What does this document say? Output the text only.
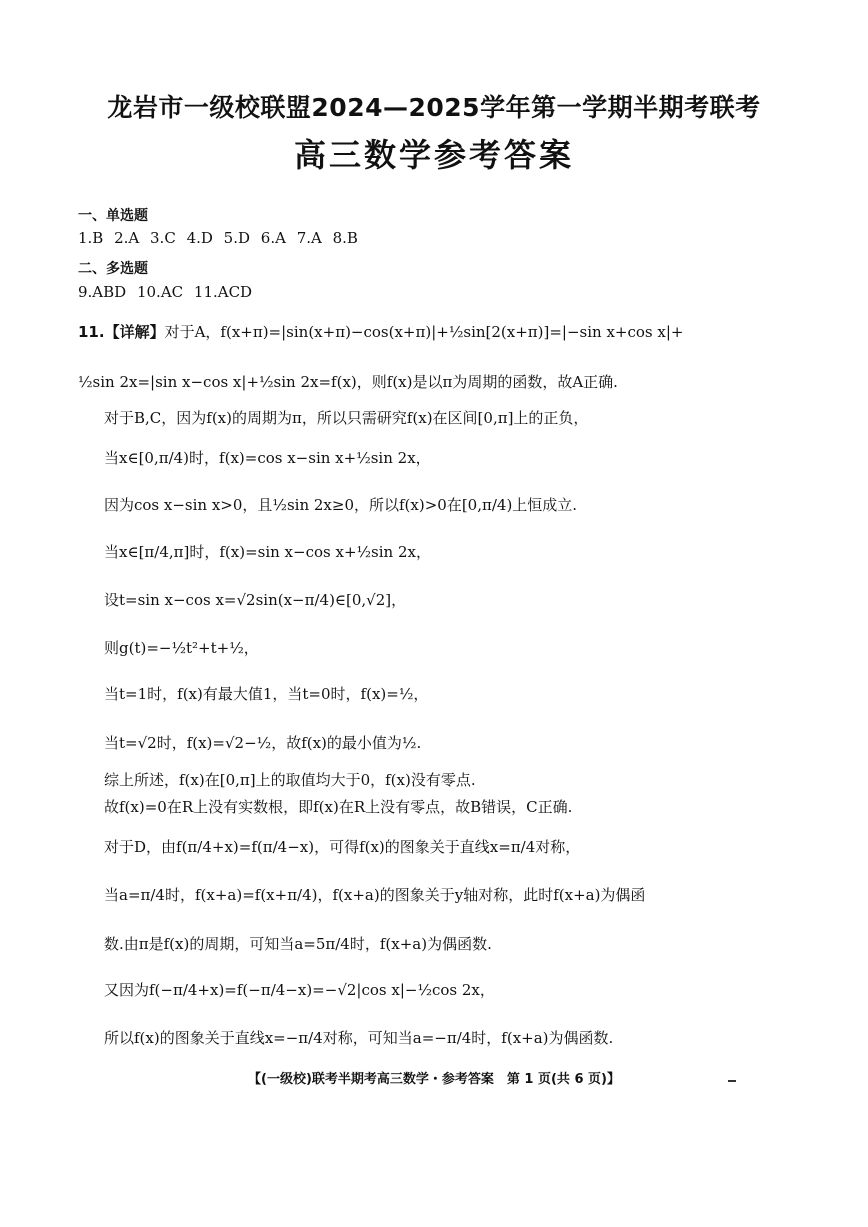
龙岩市一级校联盟2024—2025学年第一学期半期考联考
高三数学参考答案
一、单选题
1.B 2.A 3.C 4.D 5.D 6.A 7.A 8.B
二、多选题
9.ABD 10.AC 11.ACD
11.【详解】对于A，f(x+π)=|sin(x+π)−cos(x+π)|+½sin[2(x+π)]=|−sin x+cos x|+
½sin 2x=|sin x−cos x|+½sin 2x=f(x)，则f(x)是以π为周期的函数，故A正确.
对于B,C，因为f(x)的周期为π，所以只需研究f(x)在区间[0,π]上的正负，
当x∈[0,π/4)时，f(x)=cos x−sin x+½sin 2x，
因为cos x−sin x>0，且½sin 2x≥0，所以f(x)>0在[0,π/4)上恒成立.
当x∈[π/4,π]时，f(x)=sin x−cos x+½sin 2x，
设t=sin x−cos x=√2sin(x−π/4)∈[0,√2]，
则g(t)=−½t²+t+½，
当t=1时，f(x)有最大值1，当t=0时，f(x)=½，
当t=√2时，f(x)=√2−½，故f(x)的最小值为½.
综上所述，f(x)在[0,π]上的取值均大于0，f(x)没有零点.
故f(x)=0在R上没有实数根，即f(x)在R上没有零点，故B错误，C正确.
对于D，由f(π/4+x)=f(π/4−x)，可得f(x)的图象关于直线x=π/4对称，
当a=π/4时，f(x+a)=f(x+π/4)，f(x+a)的图象关于y轴对称，此时f(x+a)为偶函
数.由π是f(x)的周期，可知当a=5π/4时，f(x+a)为偶函数.
又因为f(−π/4+x)=f(−π/4−x)=−√2|cos x|−½cos 2x，
所以f(x)的图象关于直线x=−π/4对称，可知当a=−π/4时，f(x+a)为偶函数.
【(一级校)联考半期考高三数学・参考答案　第 1 页(共 6 页)】
